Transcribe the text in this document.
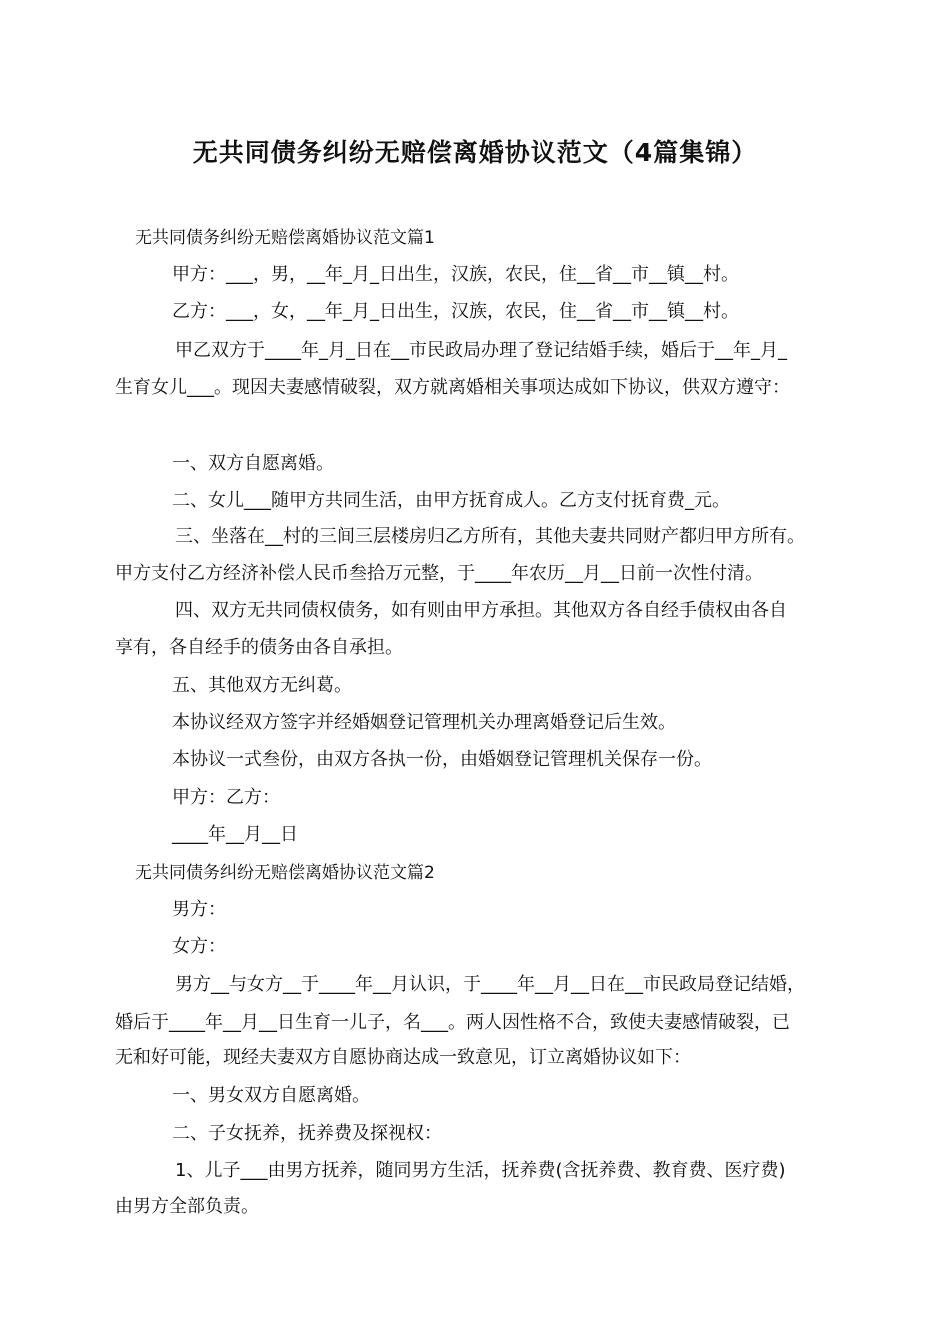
无共同债务纠纷无赔偿离婚协议范文（4篇集锦）
无共同债务纠纷无赔偿离婚协议范文篇1
甲方：___，男，__年_月_日出生，汉族，农民，住__省__市__镇__村。
乙方：___，女，__年_月_日出生，汉族，农民，住__省__市__镇__村。
甲乙双方于____年_月_日在__市民政局办理了登记结婚手续，婚后于__年_月_
生育女儿___。现因夫妻感情破裂，双方就离婚相关事项达成如下协议，供双方遵守：
一、双方自愿离婚。
二、女儿___随甲方共同生活，由甲方抚育成人。乙方支付抚育费_元。
三、坐落在__村的三间三层楼房归乙方所有，其他夫妻共同财产都归甲方所有。
甲方支付乙方经济补偿人民币叁拾万元整，于____年农历__月__日前一次性付清。
四、双方无共同债权债务，如有则由甲方承担。其他双方各自经手债权由各自
享有，各自经手的债务由各自承担。
五、其他双方无纠葛。
本协议经双方签字并经婚姻登记管理机关办理离婚登记后生效。
本协议一式叁份，由双方各执一份，由婚姻登记管理机关保存一份。
甲方：乙方：
____年__月__日
无共同债务纠纷无赔偿离婚协议范文篇2
男方：
女方：
男方__与女方__于____年__月认识，于____年__月__日在__市民政局登记结婚，
婚后于____年__月__日生育一儿子，名___。两人因性格不合，致使夫妻感情破裂，已
无和好可能，现经夫妻双方自愿协商达成一致意见，订立离婚协议如下：
一、男女双方自愿离婚。
二、子女抚养，抚养费及探视权：
1、儿子___由男方抚养，随同男方生活，抚养费(含抚养费、教育费、医疗费)
由男方全部负责。
